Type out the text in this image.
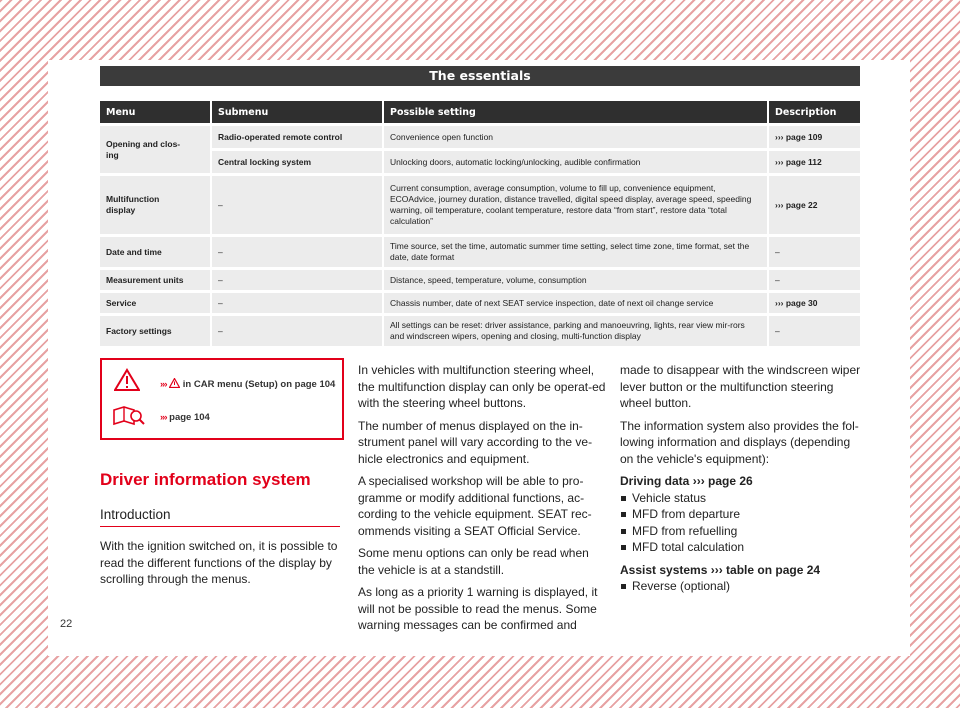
The essentials
Menu	Submenu	Possible setting	Description
Opening and clos-
ing	Radio-operated remote control	Convenience open function	››› page 109
	Central locking system	Unlocking doors, automatic locking/unlocking, audible confirmation	››› page 112
Multifunction
display	–	Current consumption, average consumption, volume to fill up, convenience equipment, ECOAdvice, journey duration, distance travelled, digital speed display, average speed, speeding warning, oil temperature, coolant temperature, restore data “from start”, restore data “total calculation”	››› page 22
Date and time	–	Time source, set the time, automatic summer time setting, select time zone, time format, set the date, date format	–
Measurement units	–	Distance, speed, temperature, volume, consumption	–
Service	–	Chassis number, date of next SEAT service inspection, date of next oil change service	››› page 30
Factory settings	–	All settings can be reset: driver assistance, parking and manoeuvring, lights, rear view mir-rors and windscreen wipers, opening and closing, multi-function display	–
››› in CAR menu (Setup) on page 104
››› page 104
Driver information system
Introduction

With the ignition switched on, it is possible to read the different functions of the display by scrolling through the menus.

In vehicles with multifunction steering wheel, the multifunction display can only be operat-ed with the steering wheel buttons.

The number of menus displayed on the in-strument panel will vary according to the ve-hicle electronics and equipment.

A specialised workshop will be able to pro-gramme or modify additional functions, ac-cording to the vehicle equipment. SEAT rec-ommends visiting a SEAT Official Service.

Some menu options can only be read when the vehicle is at a standstill.

As long as a priority 1 warning is displayed, it will not be possible to read the menus. Some warning messages can be confirmed and

made to disappear with the windscreen wiper lever button or the multifunction steering wheel button.

The information system also provides the fol-lowing information and displays (depending on the vehicle's equipment):

Driving data ››› page 26
Vehicle status
MFD from departure
MFD from refuelling
MFD total calculation
Assist systems ››› table on page 24
Reverse (optional)
22
